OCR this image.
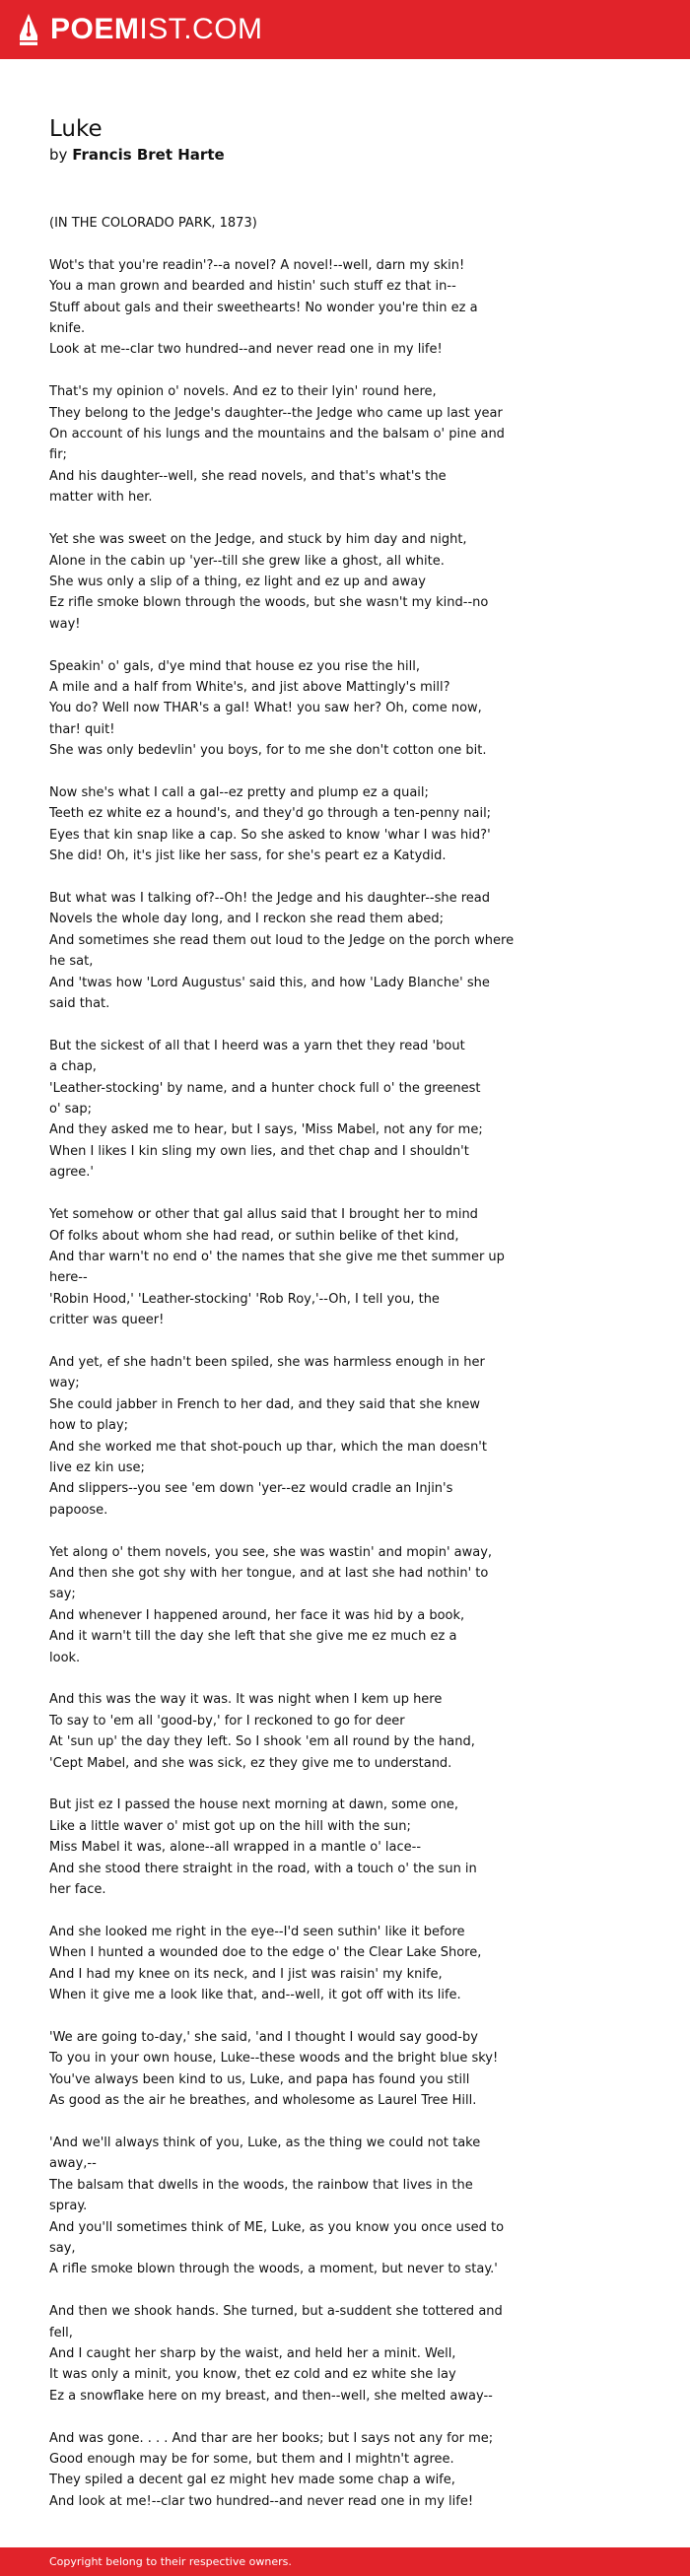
POEMIST.COM
Luke
by Francis Bret Harte
(IN THE COLORADO PARK, 1873)

Wot's that you're readin'?--a novel? A novel!--well, darn my skin!
You a man grown and bearded and histin' such stuff ez that in--
Stuff about gals and their sweethearts! No wonder you're thin ez a
knife.
Look at me--clar two hundred--and never read one in my life!

That's my opinion o' novels. And ez to their lyin' round here,
They belong to the Jedge's daughter--the Jedge who came up last year
On account of his lungs and the mountains and the balsam o' pine and
fir;
And his daughter--well, she read novels, and that's what's the
matter with her.

Yet she was sweet on the Jedge, and stuck by him day and night,
Alone in the cabin up 'yer--till she grew like a ghost, all white.
She wus only a slip of a thing, ez light and ez up and away
Ez rifle smoke blown through the woods, but she wasn't my kind--no
way!

Speakin' o' gals, d'ye mind that house ez you rise the hill,
A mile and a half from White's, and jist above Mattingly's mill?
You do? Well now THAR's a gal! What! you saw her? Oh, come now,
thar! quit!
She was only bedevlin' you boys, for to me she don't cotton one bit.

Now she's what I call a gal--ez pretty and plump ez a quail;
Teeth ez white ez a hound's, and they'd go through a ten-penny nail;
Eyes that kin snap like a cap. So she asked to know 'whar I was hid?'
She did! Oh, it's jist like her sass, for she's peart ez a Katydid.

But what was I talking of?--Oh! the Jedge and his daughter--she read
Novels the whole day long, and I reckon she read them abed;
And sometimes she read them out loud to the Jedge on the porch where
he sat,
And 'twas how 'Lord Augustus' said this, and how 'Lady Blanche' she
said that.

But the sickest of all that I heerd was a yarn thet they read 'bout
a chap,
'Leather-stocking' by name, and a hunter chock full o' the greenest
o' sap;
And they asked me to hear, but I says, 'Miss Mabel, not any for me;
When I likes I kin sling my own lies, and thet chap and I shouldn't
agree.'

Yet somehow or other that gal allus said that I brought her to mind
Of folks about whom she had read, or suthin belike of thet kind,
And thar warn't no end o' the names that she give me thet summer up
here--
'Robin Hood,' 'Leather-stocking' 'Rob Roy,'--Oh, I tell you, the
critter was queer!

And yet, ef she hadn't been spiled, she was harmless enough in her
way;
She could jabber in French to her dad, and they said that she knew
how to play;
And she worked me that shot-pouch up thar, which the man doesn't
live ez kin use;
And slippers--you see 'em down 'yer--ez would cradle an Injin's
papoose.

Yet along o' them novels, you see, she was wastin' and mopin' away,
And then she got shy with her tongue, and at last she had nothin' to
say;
And whenever I happened around, her face it was hid by a book,
And it warn't till the day she left that she give me ez much ez a
look.

And this was the way it was. It was night when I kem up here
To say to 'em all 'good-by,' for I reckoned to go for deer
At 'sun up' the day they left. So I shook 'em all round by the hand,
'Cept Mabel, and she was sick, ez they give me to understand.

But jist ez I passed the house next morning at dawn, some one,
Like a little waver o' mist got up on the hill with the sun;
Miss Mabel it was, alone--all wrapped in a mantle o' lace--
And she stood there straight in the road, with a touch o' the sun in
her face.

And she looked me right in the eye--I'd seen suthin' like it before
When I hunted a wounded doe to the edge o' the Clear Lake Shore,
And I had my knee on its neck, and I jist was raisin' my knife,
When it give me a look like that, and--well, it got off with its life.

'We are going to-day,' she said, 'and I thought I would say good-by
To you in your own house, Luke--these woods and the bright blue sky!
You've always been kind to us, Luke, and papa has found you still
As good as the air he breathes, and wholesome as Laurel Tree Hill.

'And we'll always think of you, Luke, as the thing we could not take
away,--
The balsam that dwells in the woods, the rainbow that lives in the
spray.
And you'll sometimes think of ME, Luke, as you know you once used to
say,
A rifle smoke blown through the woods, a moment, but never to stay.'

And then we shook hands. She turned, but a-suddent she tottered and
fell,
And I caught her sharp by the waist, and held her a minit. Well,
It was only a minit, you know, thet ez cold and ez white she lay
Ez a snowflake here on my breast, and then--well, she melted away--

And was gone. . . . And thar are her books; but I says not any for me;
Good enough may be for some, but them and I mightn't agree.
They spiled a decent gal ez might hev made some chap a wife,
And look at me!--clar two hundred--and never read one in my life!
Copyright belong to their respective owners.
